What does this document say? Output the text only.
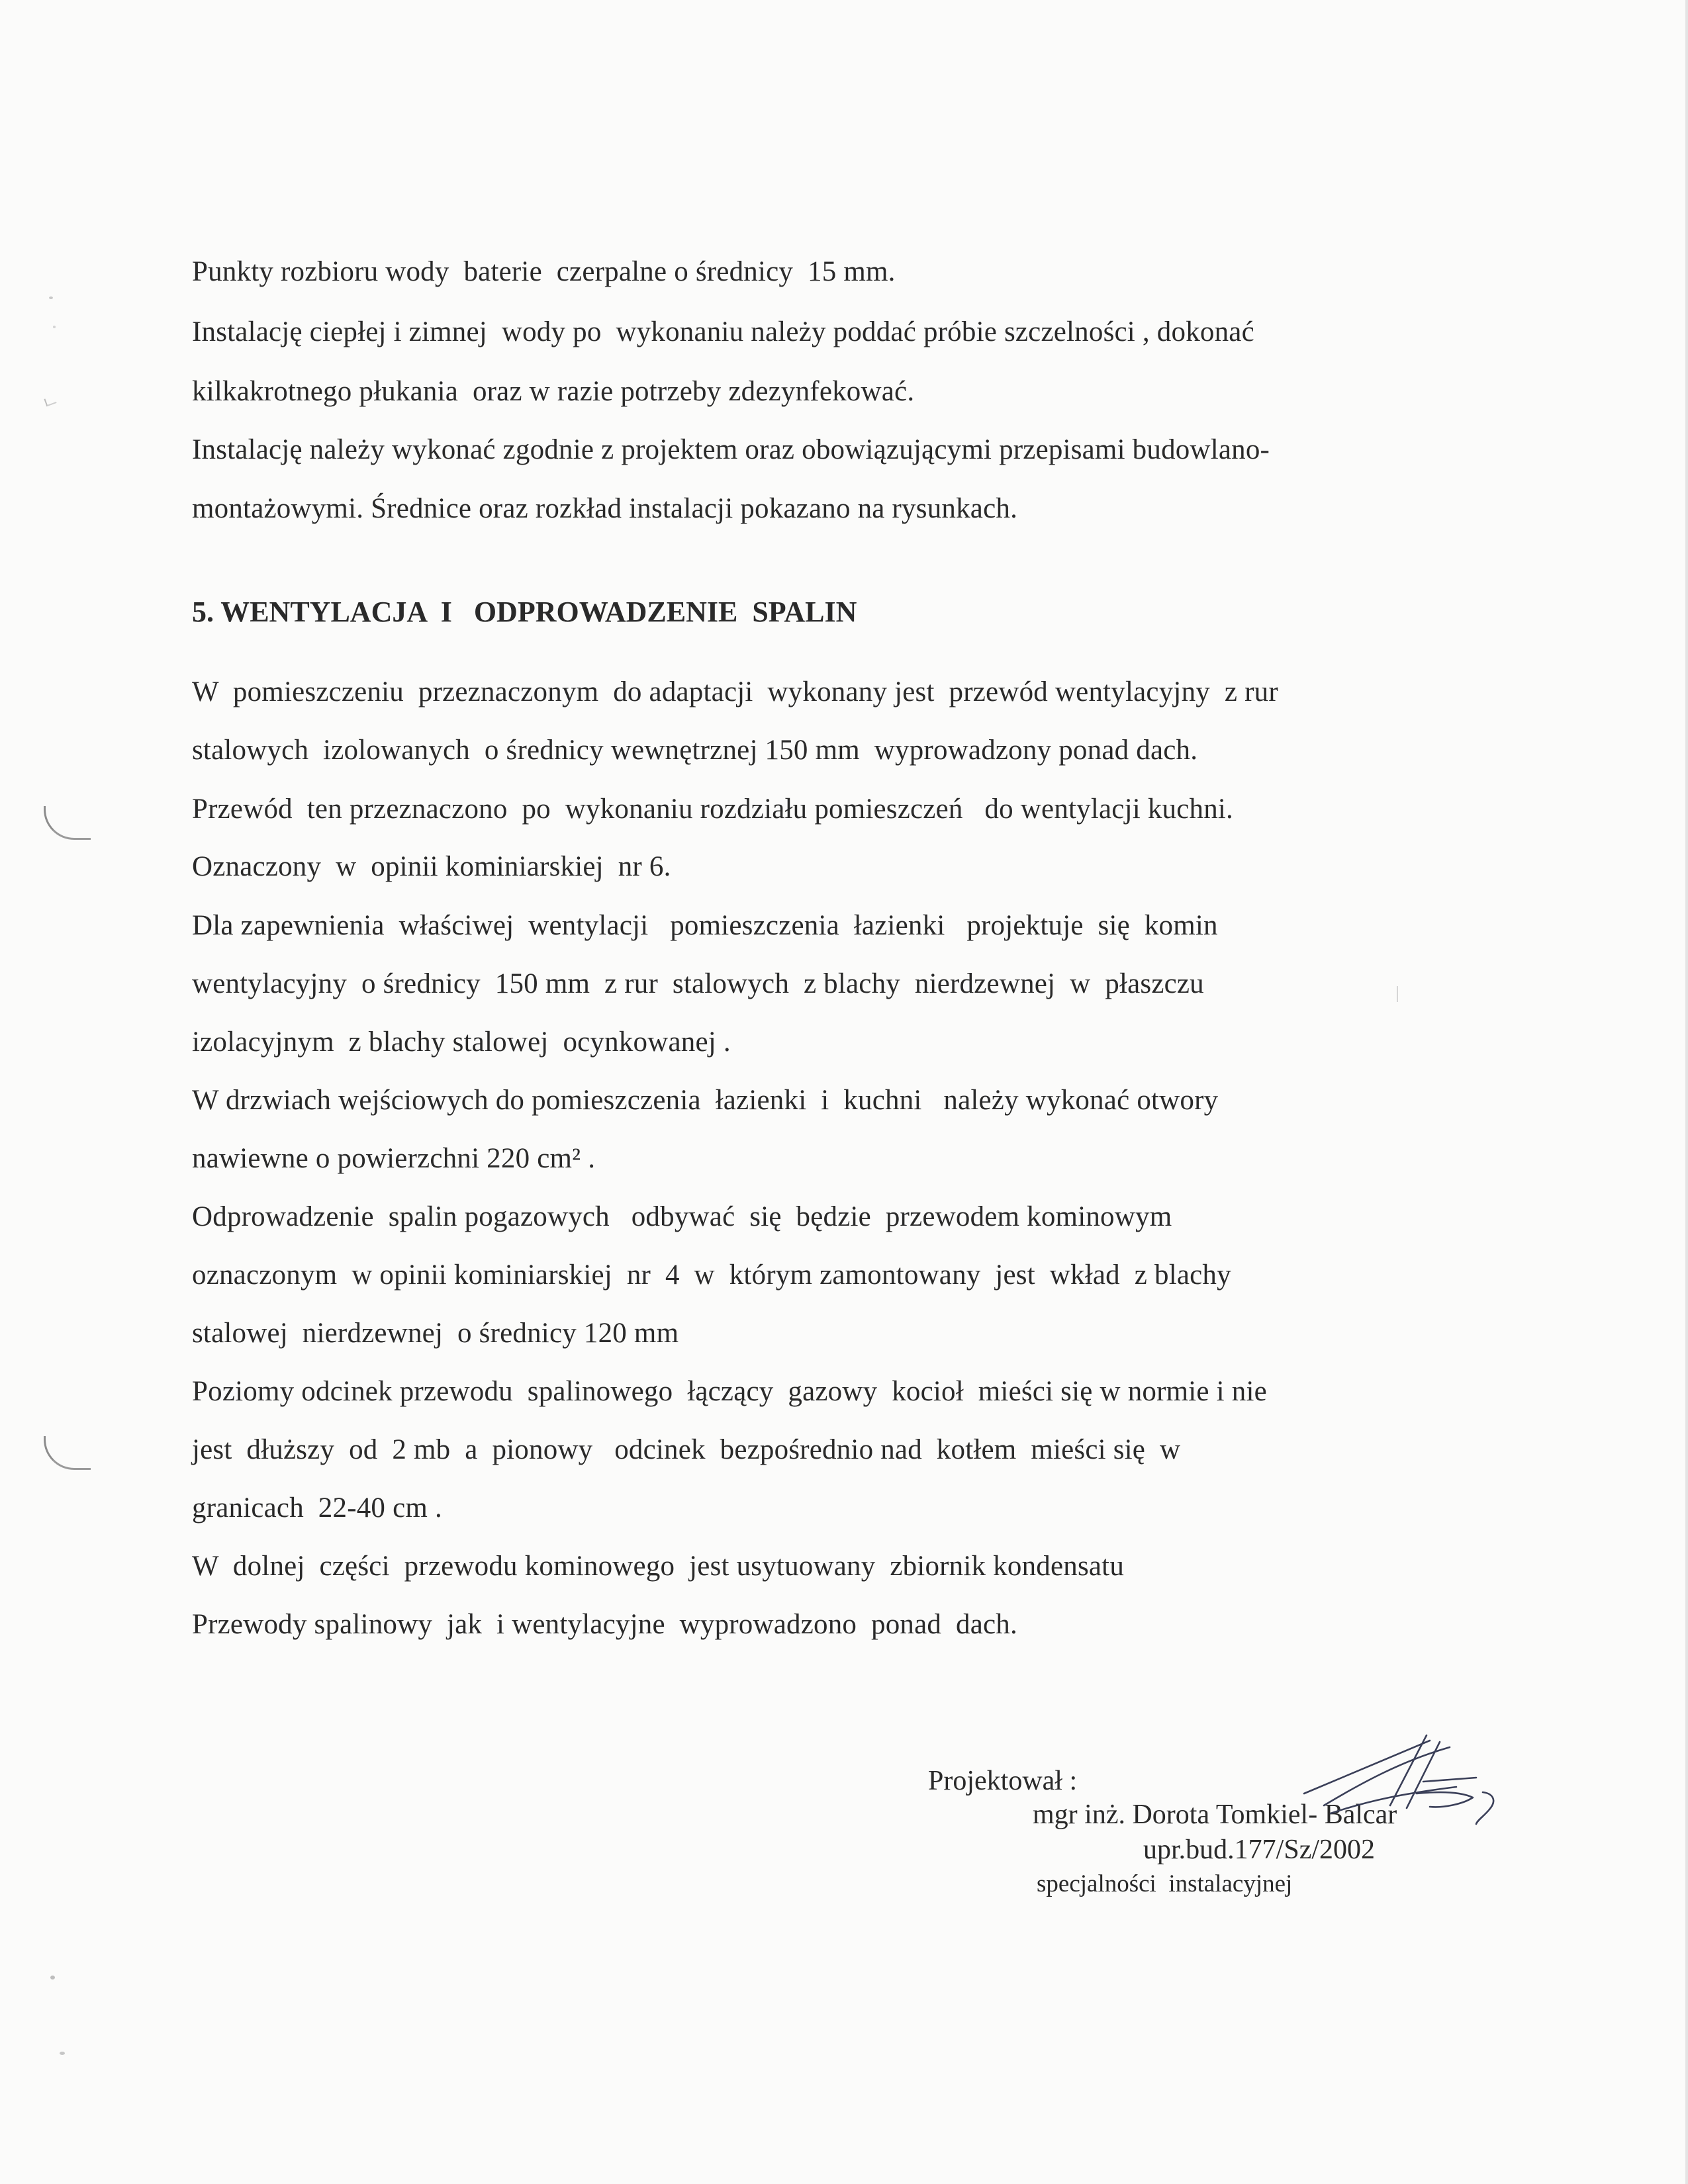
Punkty rozbioru wody  baterie  czerpalne o średnicy  15 mm.
Instalację ciepłej i zimnej  wody po  wykonaniu należy poddać próbie szczelności , dokonać
kilkakrotnego płukania  oraz w razie potrzeby zdezynfekować.
Instalację należy wykonać zgodnie z projektem oraz obowiązującymi przepisami budowlano-
montażowymi. Średnice oraz rozkład instalacji pokazano na rysunkach.
5. WENTYLACJA  I   ODPROWADZENIE  SPALIN
W  pomieszczeniu  przeznaczonym  do adaptacji  wykonany jest  przewód wentylacyjny  z rur
stalowych  izolowanych  o średnicy wewnętrznej 150 mm  wyprowadzony ponad dach.
Przewód  ten przeznaczono  po  wykonaniu rozdziału pomieszczeń   do wentylacji kuchni.
Oznaczony  w  opinii kominiarskiej  nr 6.
Dla zapewnienia  właściwej  wentylacji   pomieszczenia  łazienki   projektuje  się  komin
wentylacyjny  o średnicy  150 mm  z rur  stalowych  z blachy  nierdzewnej  w  płaszczu
izolacyjnym  z blachy stalowej  ocynkowanej .
W drzwiach wejściowych do pomieszczenia  łazienki  i  kuchni   należy wykonać otwory
nawiewne o powierzchni 220 cm² .
Odprowadzenie  spalin pogazowych   odbywać  się  będzie  przewodem kominowym
oznaczonym  w opinii kominiarskiej  nr  4  w  którym zamontowany  jest  wkład  z blachy
stalowej  nierdzewnej  o średnicy 120 mm
Poziomy odcinek przewodu  spalinowego  łączący  gazowy  kocioł  mieści się w normie i nie
jest  dłuższy  od  2 mb  a  pionowy   odcinek  bezpośrednio nad  kotłem  mieści się  w
granicach  22-40 cm .
W  dolnej  części  przewodu kominowego  jest usytuowany  zbiornik kondensatu
Przewody spalinowy  jak  i wentylacyjne  wyprowadzono  ponad  dach.
Projektował :
mgr inż. Dorota Tomkiel- Balcar
upr.bud.177/Sz/2002
specjalności  instalacyjnej
